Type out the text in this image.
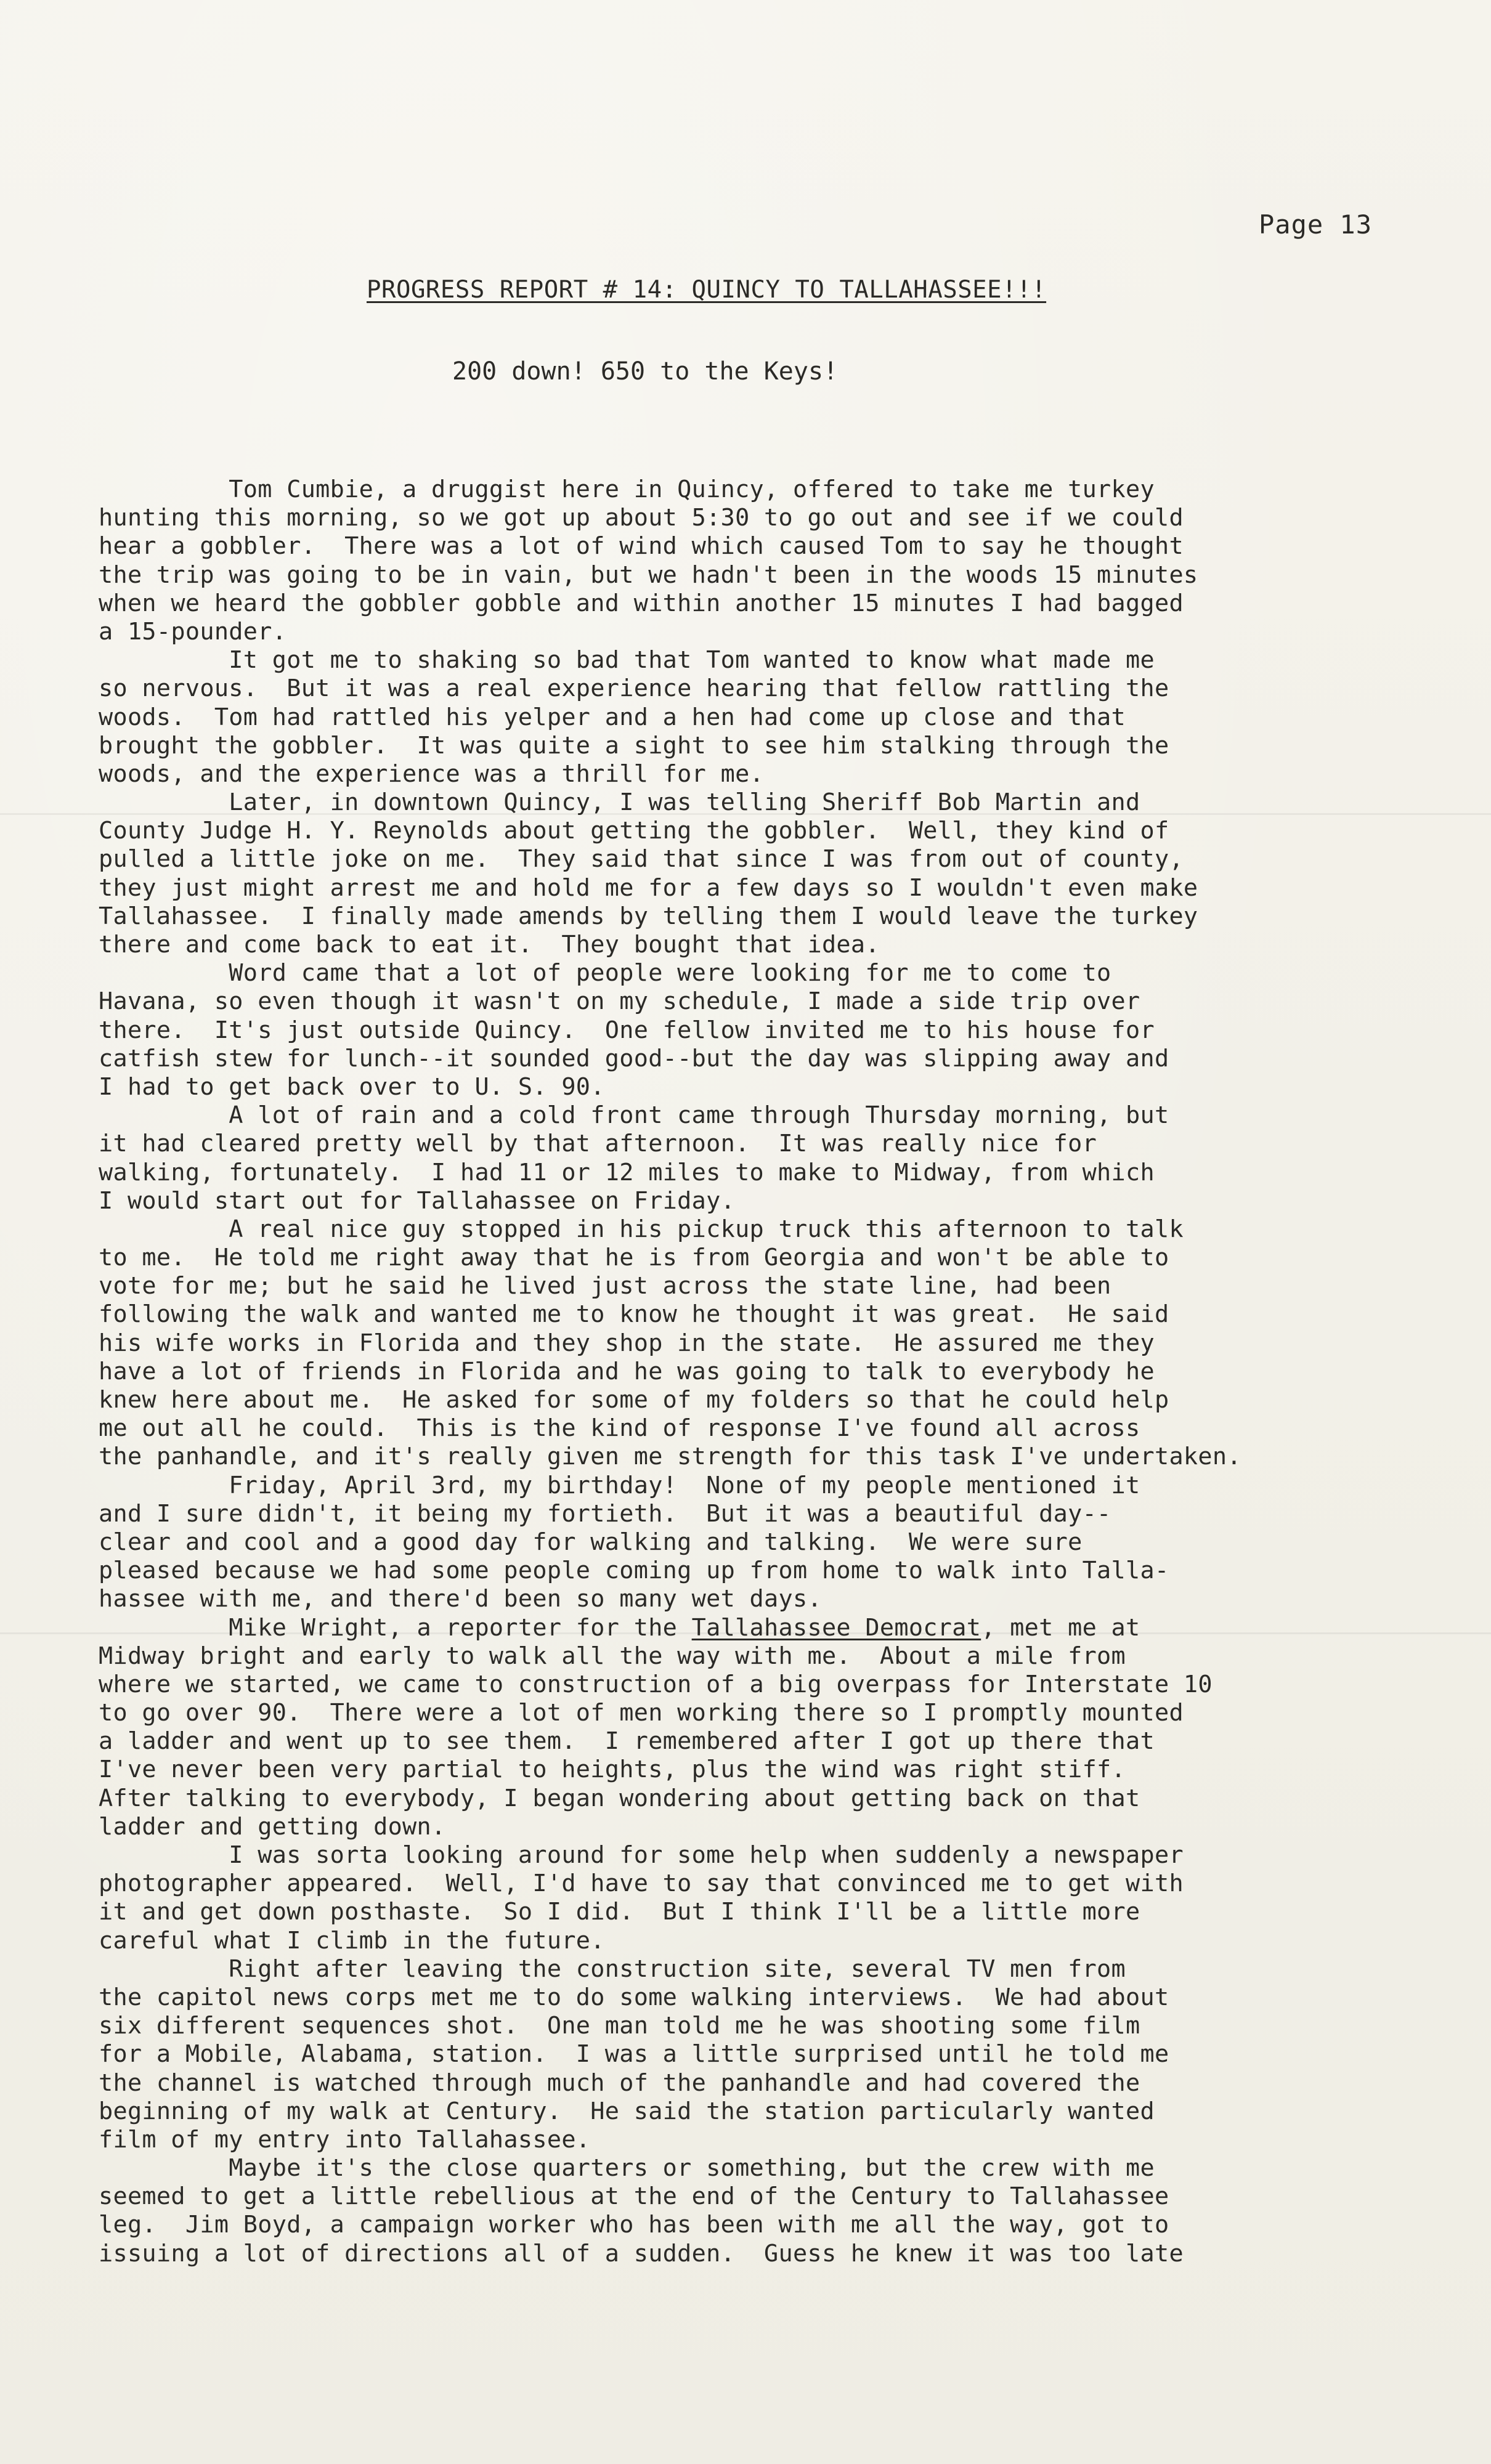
Page 13
PROGRESS REPORT # 14: QUINCY TO TALLAHASSEE!!!
200 down! 650 to the Keys!
Tom Cumbie, a druggist here in Quincy, offered to take me turkey
hunting this morning, so we got up about 5:30 to go out and see if we could
hear a gobbler.  There was a lot of wind which caused Tom to say he thought
the trip was going to be in vain, but we hadn't been in the woods 15 minutes
when we heard the gobbler gobble and within another 15 minutes I had bagged
a 15-pounder.
It got me to shaking so bad that Tom wanted to know what made me
so nervous.  But it was a real experience hearing that fellow rattling the
woods.  Tom had rattled his yelper and a hen had come up close and that
brought the gobbler.  It was quite a sight to see him stalking through the
woods, and the experience was a thrill for me.
Later, in downtown Quincy, I was telling Sheriff Bob Martin and
County Judge H. Y. Reynolds about getting the gobbler.  Well, they kind of
pulled a little joke on me.  They said that since I was from out of county,
they just might arrest me and hold me for a few days so I wouldn't even make
Tallahassee.  I finally made amends by telling them I would leave the turkey
there and come back to eat it.  They bought that idea.
Word came that a lot of people were looking for me to come to
Havana, so even though it wasn't on my schedule, I made a side trip over
there.  It's just outside Quincy.  One fellow invited me to his house for
catfish stew for lunch--it sounded good--but the day was slipping away and
I had to get back over to U. S. 90.
A lot of rain and a cold front came through Thursday morning, but
it had cleared pretty well by that afternoon.  It was really nice for
walking, fortunately.  I had 11 or 12 miles to make to Midway, from which
I would start out for Tallahassee on Friday.
A real nice guy stopped in his pickup truck this afternoon to talk
to me.  He told me right away that he is from Georgia and won't be able to
vote for me; but he said he lived just across the state line, had been
following the walk and wanted me to know he thought it was great.  He said
his wife works in Florida and they shop in the state.  He assured me they
have a lot of friends in Florida and he was going to talk to everybody he
knew here about me.  He asked for some of my folders so that he could help
me out all he could.  This is the kind of response I've found all across
the panhandle, and it's really given me strength for this task I've undertaken.
Friday, April 3rd, my birthday!  None of my people mentioned it
and I sure didn't, it being my fortieth.  But it was a beautiful day--
clear and cool and a good day for walking and talking.  We were sure
pleased because we had some people coming up from home to walk into Talla-
hassee with me, and there'd been so many wet days.
Mike Wright, a reporter for the Tallahassee Democrat, met me at
Midway bright and early to walk all the way with me.  About a mile from
where we started, we came to construction of a big overpass for Interstate 10
to go over 90.  There were a lot of men working there so I promptly mounted
a ladder and went up to see them.  I remembered after I got up there that
I've never been very partial to heights, plus the wind was right stiff.
After talking to everybody, I began wondering about getting back on that
ladder and getting down.
I was sorta looking around for some help when suddenly a newspaper
photographer appeared.  Well, I'd have to say that convinced me to get with
it and get down posthaste.  So I did.  But I think I'll be a little more
careful what I climb in the future.
Right after leaving the construction site, several TV men from
the capitol news corps met me to do some walking interviews.  We had about
six different sequences shot.  One man told me he was shooting some film
for a Mobile, Alabama, station.  I was a little surprised until he told me
the channel is watched through much of the panhandle and had covered the
beginning of my walk at Century.  He said the station particularly wanted
film of my entry into Tallahassee.
Maybe it's the close quarters or something, but the crew with me
seemed to get a little rebellious at the end of the Century to Tallahassee
leg.  Jim Boyd, a campaign worker who has been with me all the way, got to
issuing a lot of directions all of a sudden.  Guess he knew it was too late
